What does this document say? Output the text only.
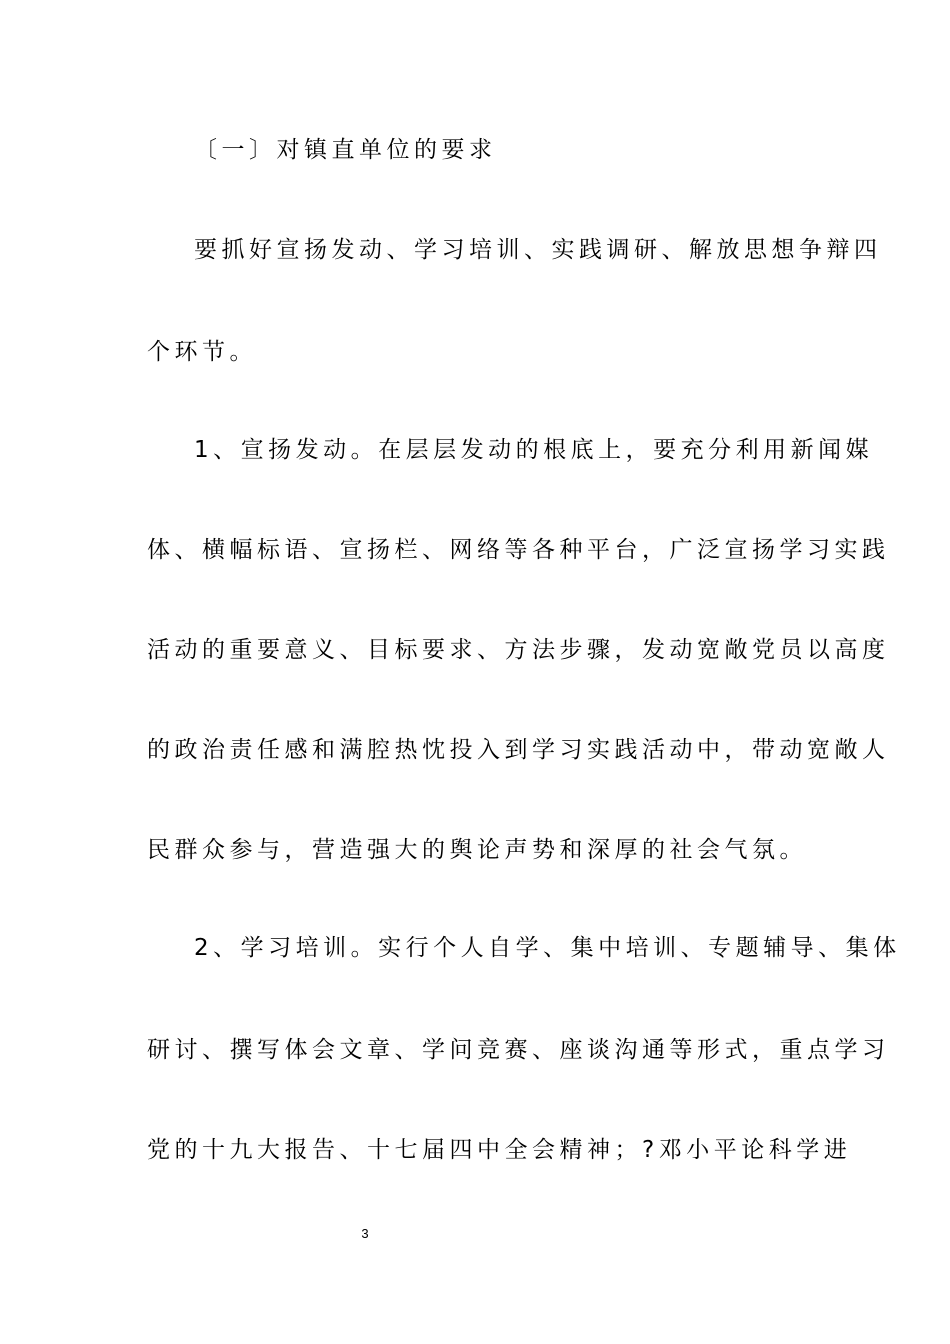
〔一〕对镇直单位的要求
要抓好宣扬发动、学习培训、实践调研、解放思想争辩四
个环节。
1、宣扬发动。在层层发动的根底上，要充分利用新闻媒
体、横幅标语、宣扬栏、网络等各种平台，广泛宣扬学习实践
活动的重要意义、目标要求、方法步骤，发动宽敞党员以高度
的政治责任感和满腔热忱投入到学习实践活动中，带动宽敞人
民群众参与，营造强大的舆论声势和深厚的社会气氛。
2、学习培训。实行个人自学、集中培训、专题辅导、集体
研讨、撰写体会文章、学问竞赛、座谈沟通等形式，重点学习
党的十九大报告、十七届四中全会精神；?邓小平论科学进
3
